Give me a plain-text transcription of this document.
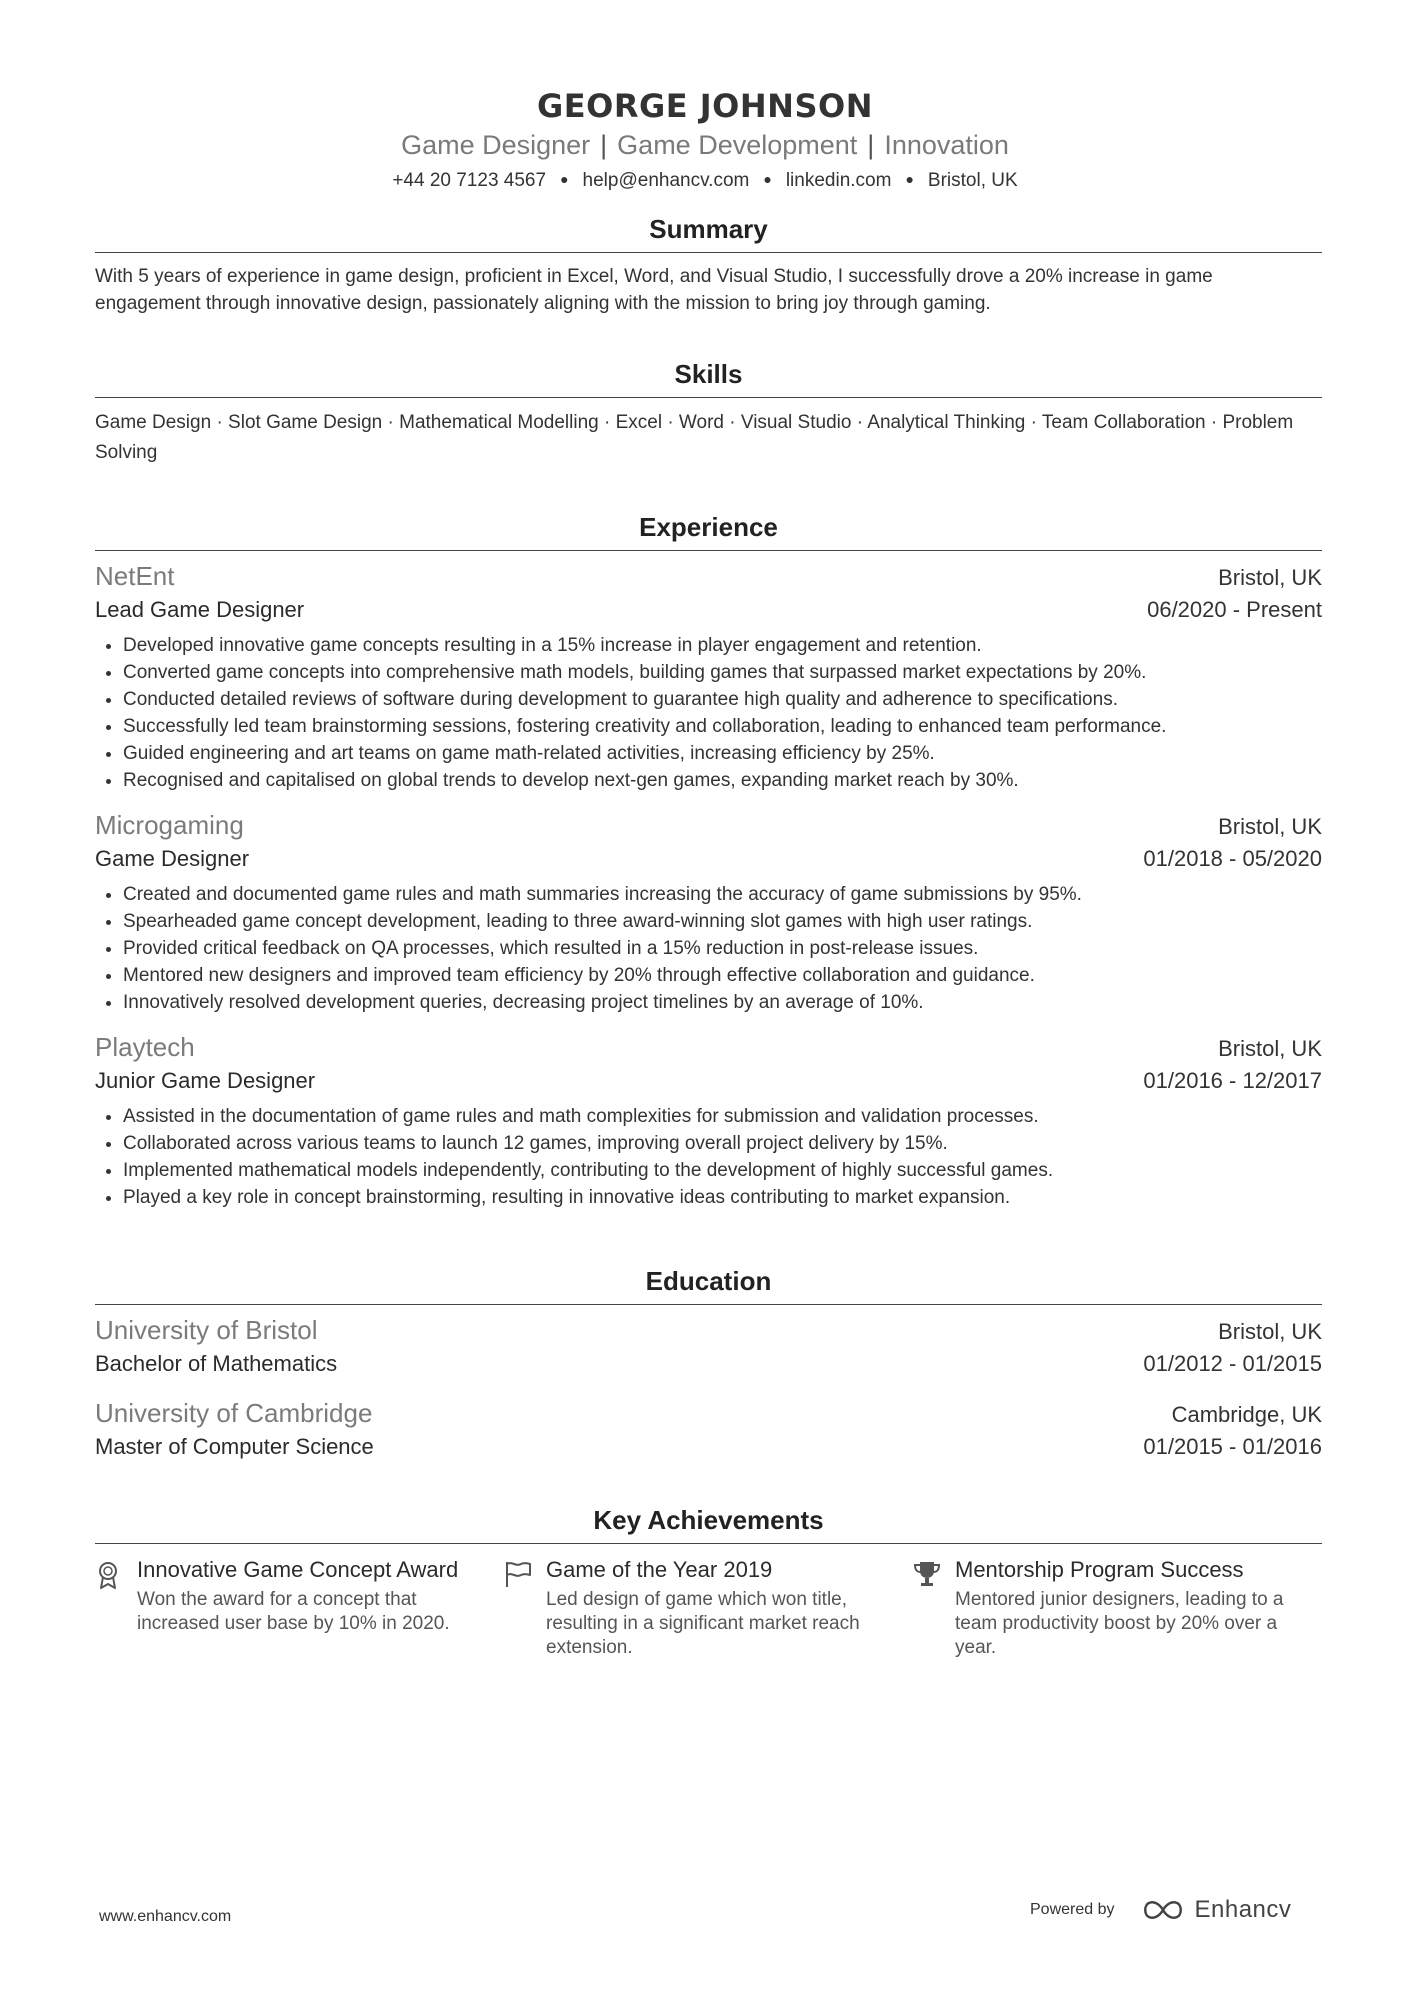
GEORGE JOHNSON
Game Designer | Game Development | Innovation
+44 20 7123 4567 ● help@enhancv.com ● linkedin.com ● Bristol, UK
Summary
With 5 years of experience in game design, proficient in Excel, Word, and Visual Studio, I successfully drove a 20% increase in game engagement through innovative design, passionately aligning with the mission to bring joy through gaming.
Skills
Game Design · Slot Game Design · Mathematical Modelling · Excel · Word · Visual Studio · Analytical Thinking · Team Collaboration · Problem Solving
Experience
NetEnt	Bristol, UK
Lead Game Designer	06/2020 - Present
• Developed innovative game concepts resulting in a 15% increase in player engagement and retention.
• Converted game concepts into comprehensive math models, building games that surpassed market expectations by 20%.
• Conducted detailed reviews of software during development to guarantee high quality and adherence to specifications.
• Successfully led team brainstorming sessions, fostering creativity and collaboration, leading to enhanced team performance.
• Guided engineering and art teams on game math-related activities, increasing efficiency by 25%.
• Recognised and capitalised on global trends to develop next-gen games, expanding market reach by 30%.
Microgaming	Bristol, UK
Game Designer	01/2018 - 05/2020
• Created and documented game rules and math summaries increasing the accuracy of game submissions by 95%.
• Spearheaded game concept development, leading to three award-winning slot games with high user ratings.
• Provided critical feedback on QA processes, which resulted in a 15% reduction in post-release issues.
• Mentored new designers and improved team efficiency by 20% through effective collaboration and guidance.
• Innovatively resolved development queries, decreasing project timelines by an average of 10%.
Playtech	Bristol, UK
Junior Game Designer	01/2016 - 12/2017
• Assisted in the documentation of game rules and math complexities for submission and validation processes.
• Collaborated across various teams to launch 12 games, improving overall project delivery by 15%.
• Implemented mathematical models independently, contributing to the development of highly successful games.
• Played a key role in concept brainstorming, resulting in innovative ideas contributing to market expansion.
Education
University of Bristol	Bristol, UK
Bachelor of Mathematics	01/2012 - 01/2015
University of Cambridge	Cambridge, UK
Master of Computer Science	01/2015 - 01/2016
Key Achievements
Innovative Game Concept Award
Won the award for a concept that increased user base by 10% in 2020.
Game of the Year 2019
Led design of game which won title, resulting in a significant market reach extension.
Mentorship Program Success
Mentored junior designers, leading to a team productivity boost by 20% over a year.
www.enhancv.com	Powered by	Enhancv
